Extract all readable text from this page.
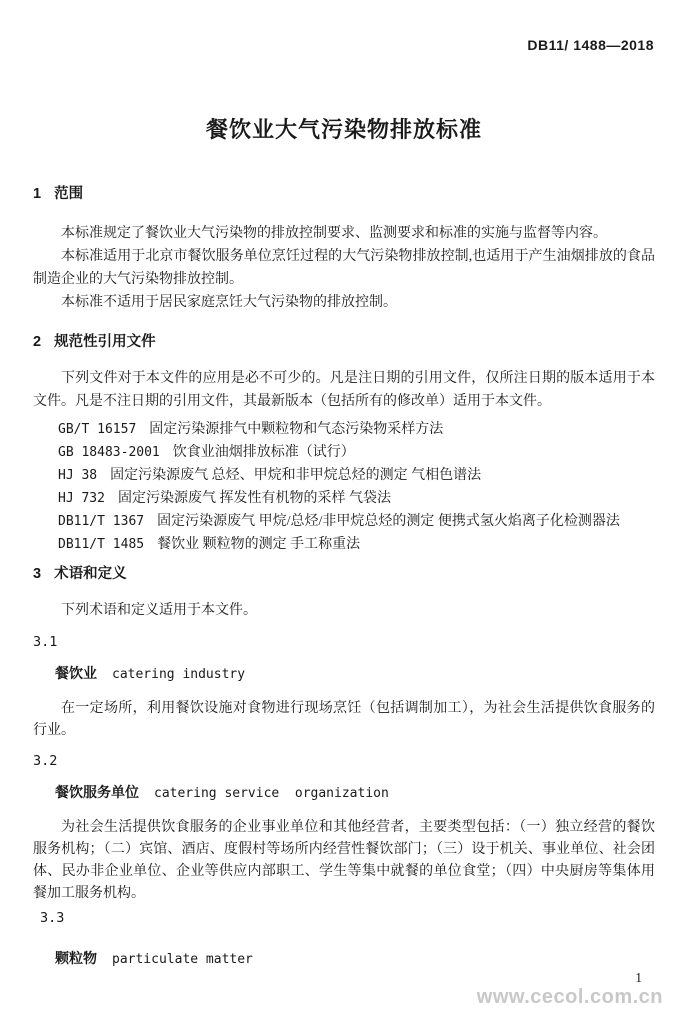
DB11/ 1488—2018
餐饮业大气污染物排放标准
1 范围

本标准规定了餐饮业大气污染物的排放控制要求、监测要求和标准的实施与监督等内容。

本标准适用于北京市餐饮服务单位烹饪过程的大气污染物排放控制,也适用于产生油烟排放的食品制造企业的大气污染物排放控制。

本标准不适用于居民家庭烹饪大气污染物的排放控制。

2 规范性引用文件

下列文件对于本文件的应用是必不可少的。凡是注日期的引用文件，仅所注日期的版本适用于本文件。凡是不注日期的引用文件，其最新版本（包括所有的修改单）适用于本文件。

GB/T 16157 固定污染源排气中颗粒物和气态污染物采样方法
GB 18483-2001 饮食业油烟排放标准（试行）
HJ 38 固定污染源废气 总烃、甲烷和非甲烷总烃的测定 气相色谱法
HJ 732 固定污染源废气 挥发性有机物的采样 气袋法
DB11/T 1367 固定污染源废气 甲烷/总烃/非甲烷总烃的测定 便携式氢火焰离子化检测器法
DB11/T 1485 餐饮业 颗粒物的测定 手工称重法
3 术语和定义

下列术语和定义适用于本文件。

3.1
餐饮业 catering industry

在一定场所，利用餐饮设施对食物进行现场烹饪（包括调制加工），为社会生活提供饮食服务的行业。

3.2
餐饮服务单位 catering service  organization

为社会生活提供饮食服务的企业事业单位和其他经营者，主要类型包括：（一）独立经营的餐饮服务机构；（二）宾馆、酒店、度假村等场所内经营性餐饮部门；（三）设于机关、事业单位、社会团体、民办非企业单位、企业等供应内部职工、学生等集中就餐的单位食堂；（四）中央厨房等集体用餐加工服务机构。

3.3
颗粒物 particulate matter
1
www.cecol.com.cn
